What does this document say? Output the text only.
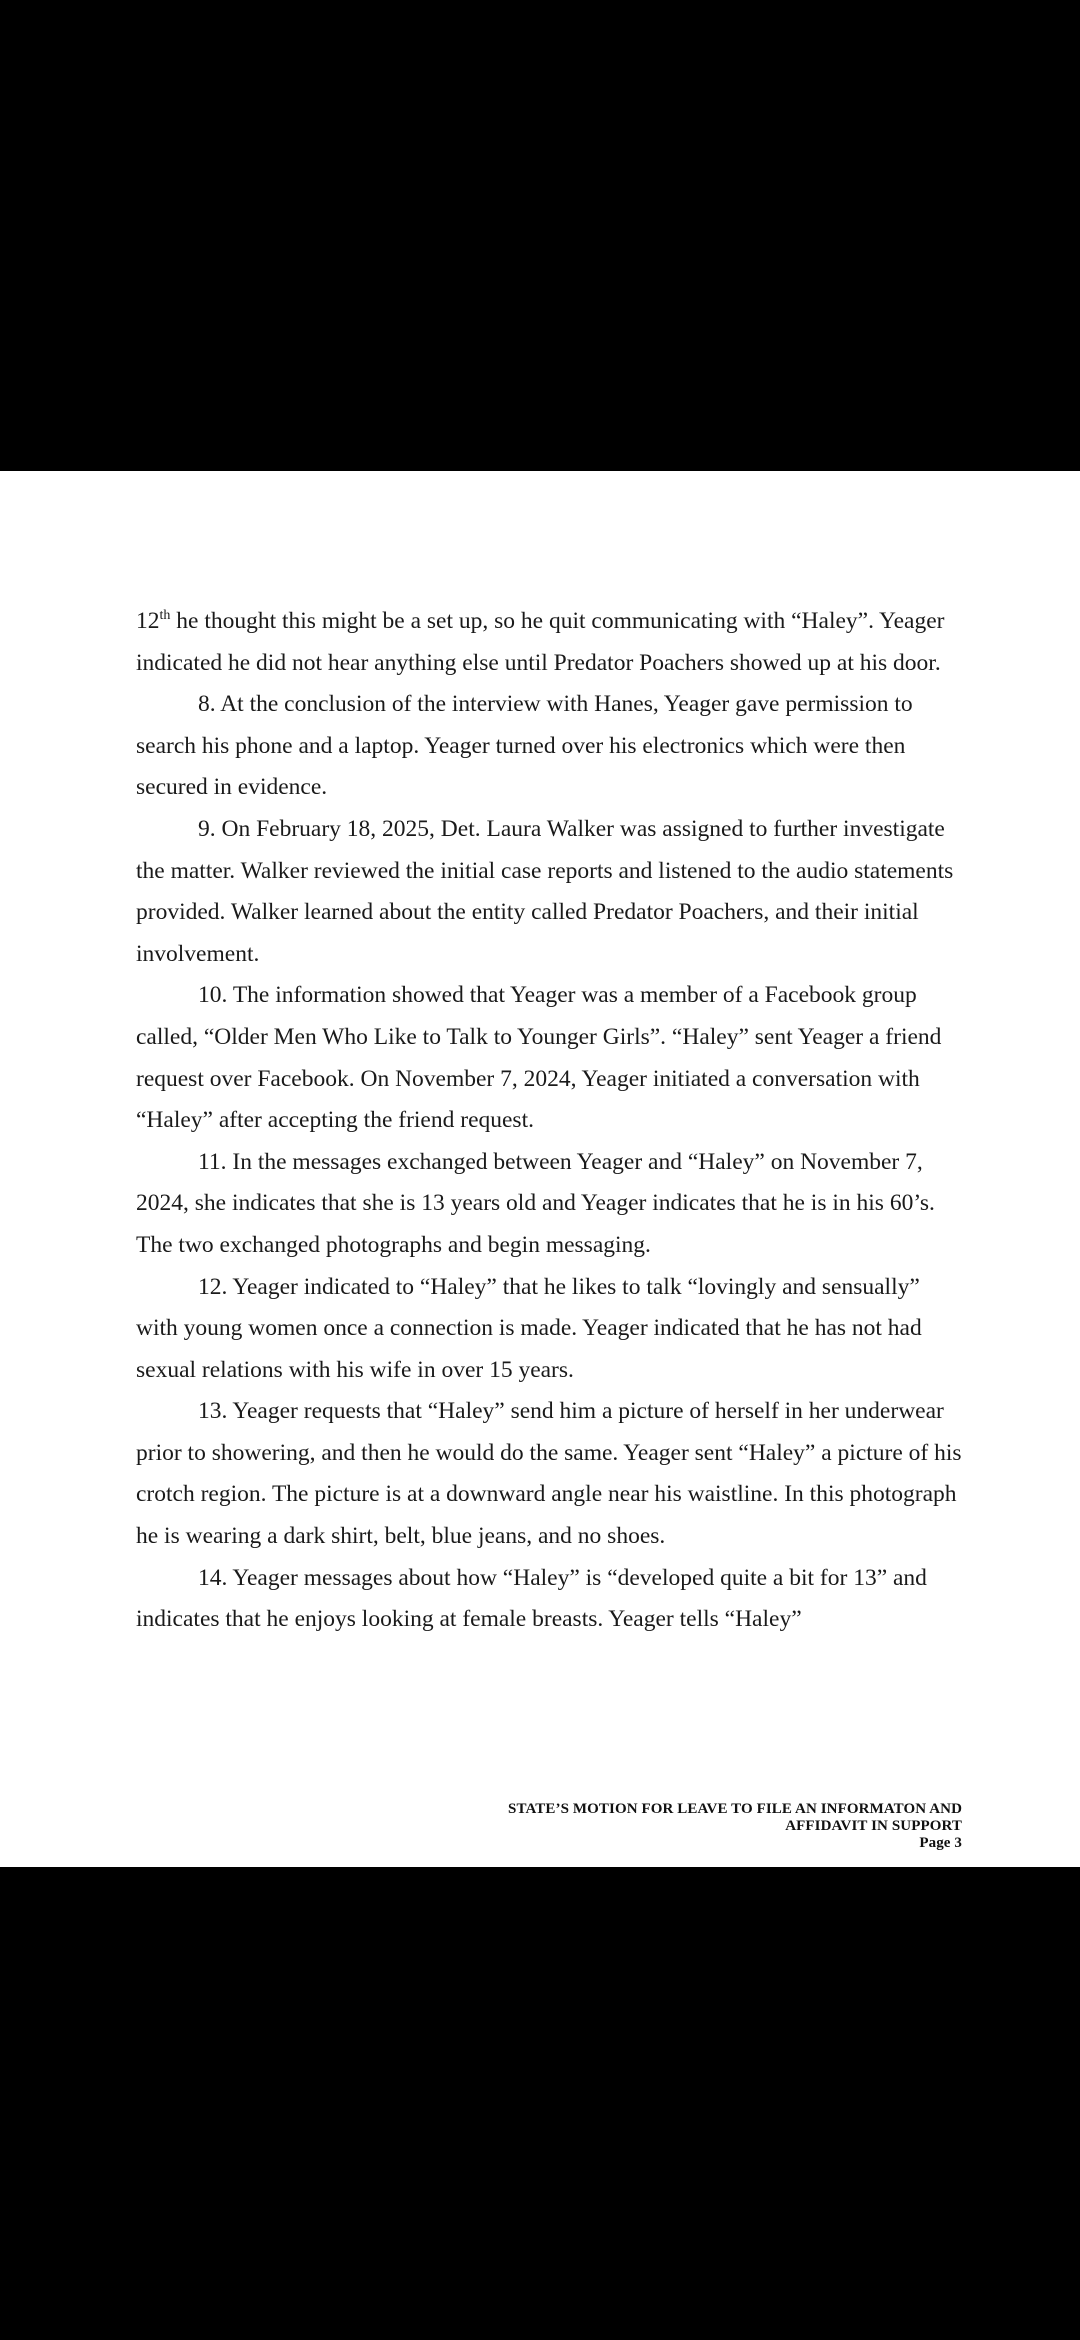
12th he thought this might be a set up, so he quit communicating with “Haley”. Yeager indicated he did not hear anything else until Predator Poachers showed up at his door.

8. At the conclusion of the interview with Hanes, Yeager gave permission to search his phone and a laptop. Yeager turned over his electronics which were then secured in evidence.

9. On February 18, 2025, Det. Laura Walker was assigned to further investigate the matter. Walker reviewed the initial case reports and listened to the audio statements provided. Walker learned about the entity called Predator Poachers, and their initial involvement.

10. The information showed that Yeager was a member of a Facebook group called, “Older Men Who Like to Talk to Younger Girls”. “Haley” sent Yeager a friend request over Facebook. On November 7, 2024, Yeager initiated a conversation with “Haley” after accepting the friend request.

11. In the messages exchanged between Yeager and “Haley” on November 7, 2024, she indicates that she is 13 years old and Yeager indicates that he is in his 60’s. The two exchanged photographs and begin messaging.

12. Yeager indicated to “Haley” that he likes to talk “lovingly and sensually” with young women once a connection is made. Yeager indicated that he has not had sexual relations with his wife in over 15 years.

13. Yeager requests that “Haley” send him a picture of herself in her underwear prior to showering, and then he would do the same. Yeager sent “Haley” a picture of his crotch region. The picture is at a downward angle near his waistline. In this photograph he is wearing a dark shirt, belt, blue jeans, and no shoes.

14. Yeager messages about how “Haley” is “developed quite a bit for 13” and indicates that he enjoys looking at female breasts. Yeager tells “Haley”

STATE’S MOTION FOR LEAVE TO FILE AN INFORMATON AND
AFFIDAVIT IN SUPPORT
Page 3
